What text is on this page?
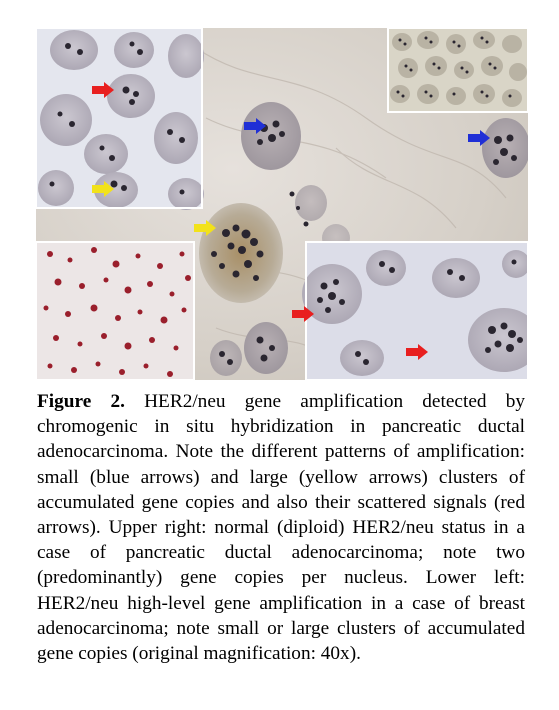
Figure 2. HER2/neu gene amplification detected by chromogenic in situ hybridization in pancreatic ductal adenocarcinoma. Note the different patterns of amplification: small (blue arrows) and large (yellow arrows) clusters of accumulated gene copies and also their scattered signals (red arrows). Upper right: normal (diploid) HER2/neu status in a case of pancreatic ductal adenocarcinoma; note two (predominantly) gene copies per nucleus. Lower left: HER2/neu high-level gene amplification in a case of breast adenocarcinoma; note small or large clusters of accumulated gene copies (original magnification: 40x).
